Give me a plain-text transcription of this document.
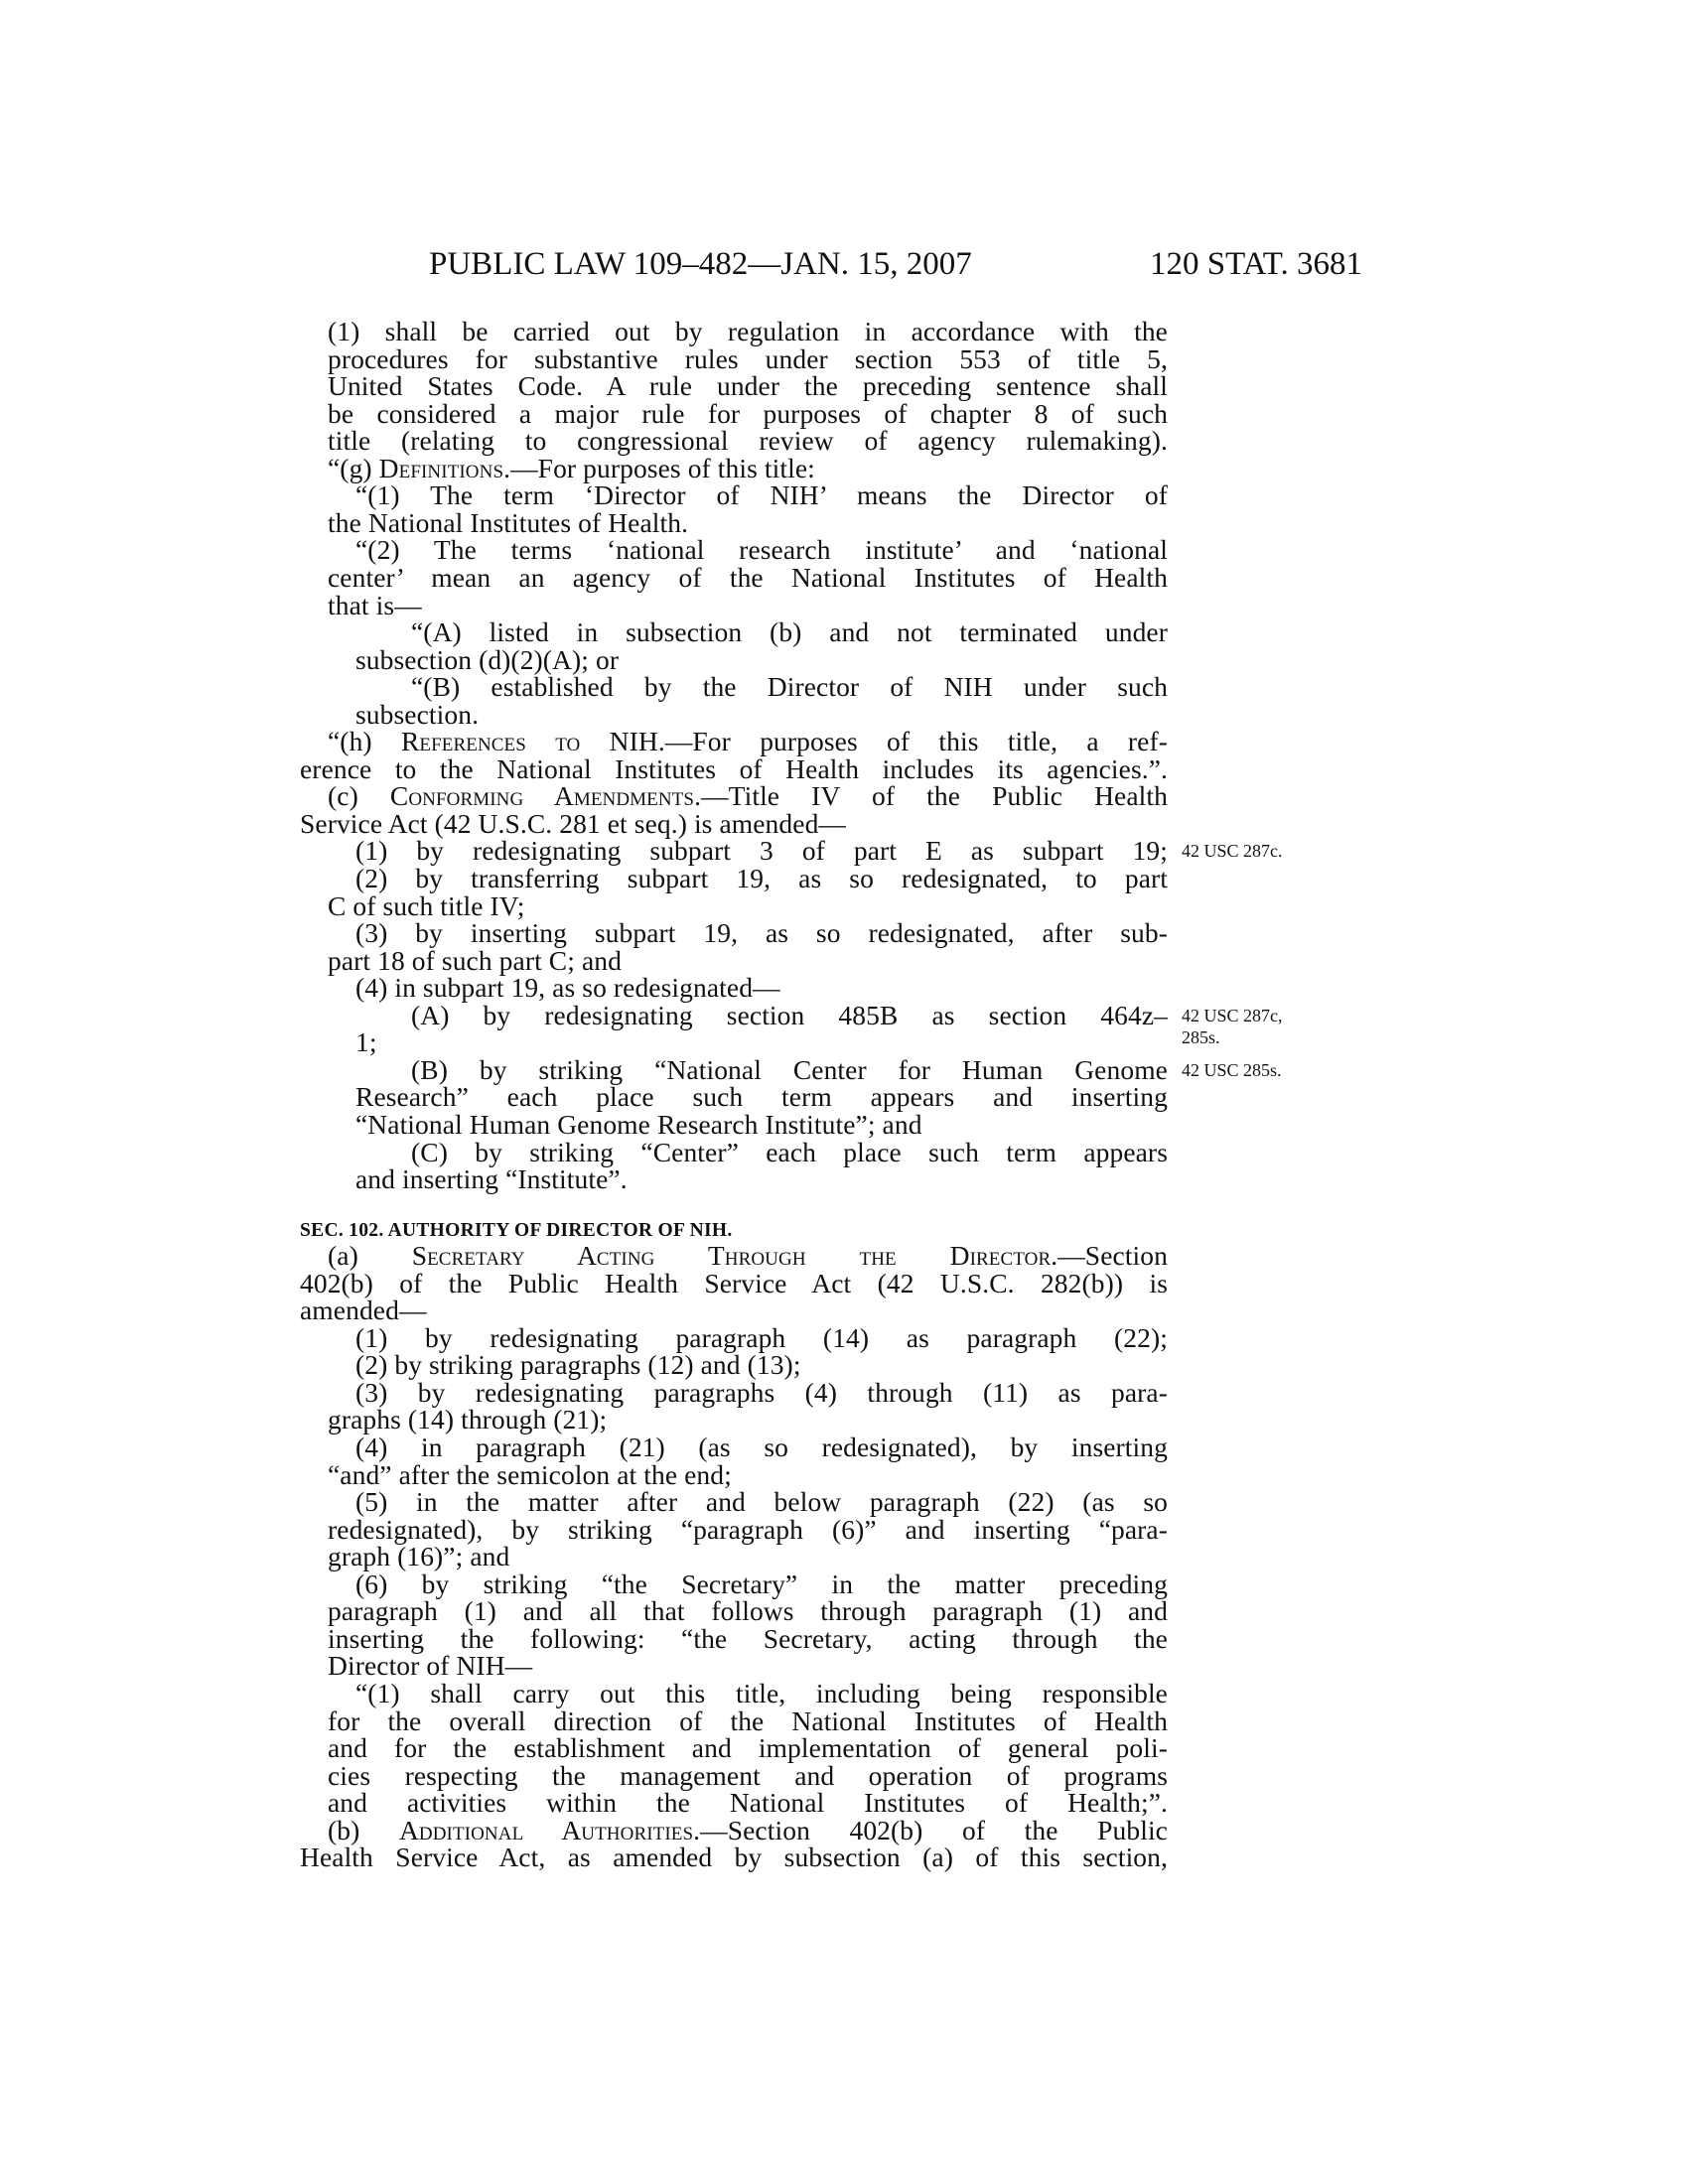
PUBLIC LAW 109–482—JAN. 15, 2007	120 STAT. 3681
(1) shall be carried out by regulation in accordance with the
procedures for substantive rules under section 553 of title 5,
United States Code. A rule under the preceding sentence shall
be considered a major rule for purposes of chapter 8 of such
title (relating to congressional review of agency rulemaking).
“(g) Definitions.—For purposes of this title:
“(1) The term ‘Director of NIH’ means the Director of
the National Institutes of Health.
“(2) The terms ‘national research institute’ and ‘national
center’ mean an agency of the National Institutes of Health
that is—
“(A) listed in subsection (b) and not terminated under
subsection (d)(2)(A); or
“(B) established by the Director of NIH under such
subsection.
“(h) References to NIH.—For purposes of this title, a ref-
erence to the National Institutes of Health includes its agencies.”.
(c) Conforming Amendments.—Title IV of the Public Health
Service Act (42 U.S.C. 281 et seq.) is amended—
(1) by redesignating subpart 3 of part E as subpart 19;
(2) by transferring subpart 19, as so redesignated, to part
C of such title IV;
(3) by inserting subpart 19, as so redesignated, after sub-
part 18 of such part C; and
(4) in subpart 19, as so redesignated—
(A) by redesignating section 485B as section 464z–
1;
(B) by striking “National Center for Human Genome
Research” each place such term appears and inserting
“National Human Genome Research Institute”; and
(C) by striking “Center” each place such term appears
and inserting “Institute”.
SEC. 102. AUTHORITY OF DIRECTOR OF NIH.
(a) Secretary Acting Through the Director.—Section
402(b) of the Public Health Service Act (42 U.S.C. 282(b)) is
amended—
(1) by redesignating paragraph (14) as paragraph (22);
(2) by striking paragraphs (12) and (13);
(3) by redesignating paragraphs (4) through (11) as para-
graphs (14) through (21);
(4) in paragraph (21) (as so redesignated), by inserting
“and” after the semicolon at the end;
(5) in the matter after and below paragraph (22) (as so
redesignated), by striking “paragraph (6)” and inserting “para-
graph (16)”; and
(6) by striking “the Secretary” in the matter preceding
paragraph (1) and all that follows through paragraph (1) and
inserting the following: “the Secretary, acting through the
Director of NIH—
“(1) shall carry out this title, including being responsible
for the overall direction of the National Institutes of Health
and for the establishment and implementation of general poli-
cies respecting the management and operation of programs
and activities within the National Institutes of Health;”.
(b) Additional Authorities.—Section 402(b) of the Public
Health Service Act, as amended by subsection (a) of this section,
42 USC 287c.
42 USC 287c,
285s.
42 USC 285s.
